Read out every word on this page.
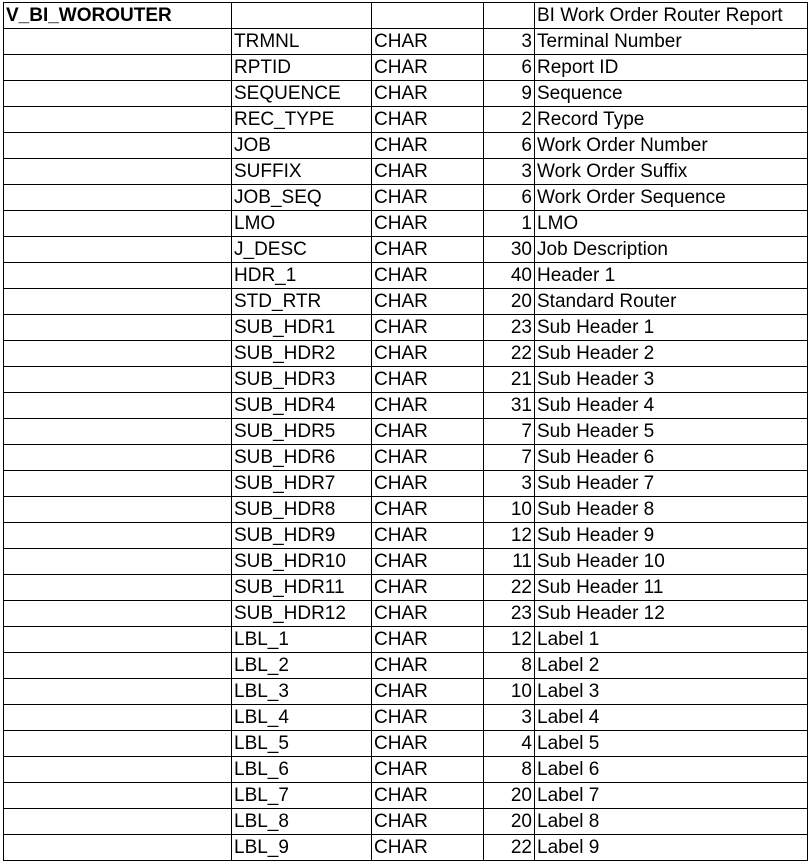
V_BI_WOROUTER				BI Work Order Router Report
	TRMNL	CHAR	3	Terminal Number
	RPTID	CHAR	6	Report ID
	SEQUENCE	CHAR	9	Sequence
	REC_TYPE	CHAR	2	Record Type
	JOB	CHAR	6	Work Order Number
	SUFFIX	CHAR	3	Work Order Suffix
	JOB_SEQ	CHAR	6	Work Order Sequence
	LMO	CHAR	1	LMO
	J_DESC	CHAR	30	Job Description
	HDR_1	CHAR	40	Header 1
	STD_RTR	CHAR	20	Standard Router
	SUB_HDR1	CHAR	23	Sub Header 1
	SUB_HDR2	CHAR	22	Sub Header 2
	SUB_HDR3	CHAR	21	Sub Header 3
	SUB_HDR4	CHAR	31	Sub Header 4
	SUB_HDR5	CHAR	7	Sub Header 5
	SUB_HDR6	CHAR	7	Sub Header 6
	SUB_HDR7	CHAR	3	Sub Header 7
	SUB_HDR8	CHAR	10	Sub Header 8
	SUB_HDR9	CHAR	12	Sub Header 9
	SUB_HDR10	CHAR	11	Sub Header 10
	SUB_HDR11	CHAR	22	Sub Header 11
	SUB_HDR12	CHAR	23	Sub Header 12
	LBL_1	CHAR	12	Label 1
	LBL_2	CHAR	8	Label 2
	LBL_3	CHAR	10	Label 3
	LBL_4	CHAR	3	Label 4
	LBL_5	CHAR	4	Label 5
	LBL_6	CHAR	8	Label 6
	LBL_7	CHAR	20	Label 7
	LBL_8	CHAR	20	Label 8
	LBL_9	CHAR	22	Label 9
